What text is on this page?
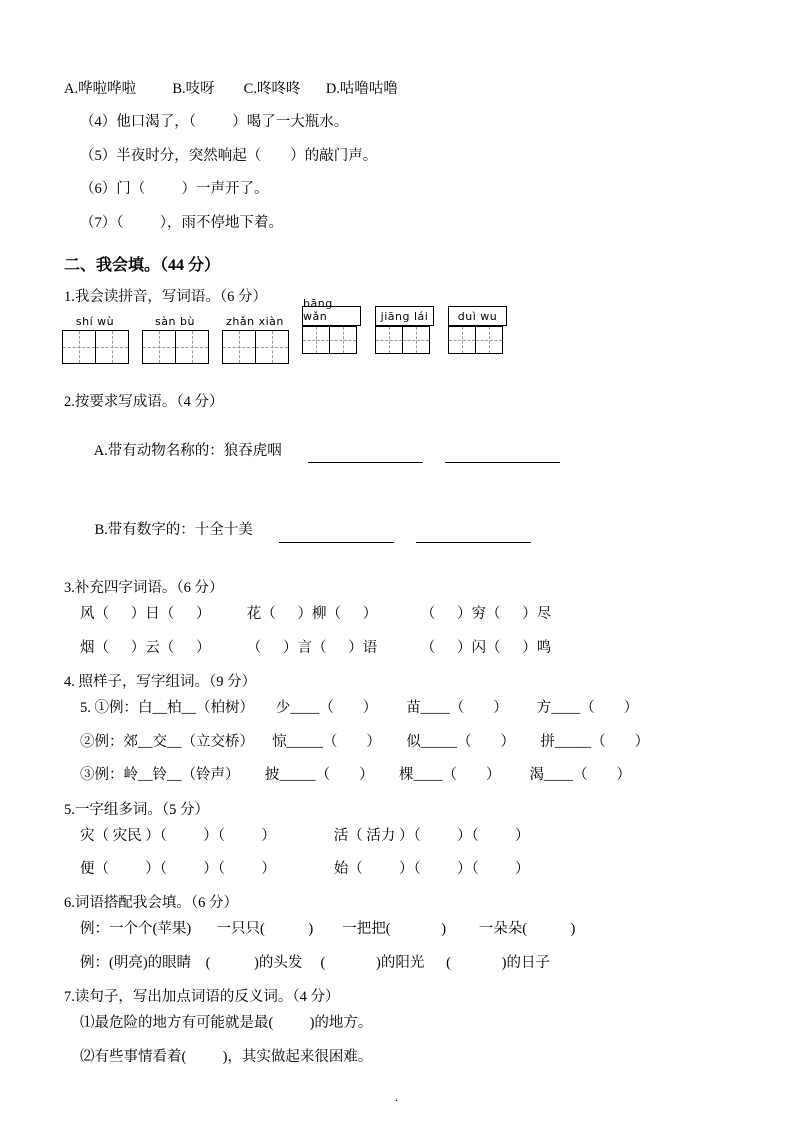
A.哗啦哗啦          B.吱呀        C.咚咚咚       D.咕噜咕噜
（4）他口渴了，（          ）喝了一大瓶水。
（5）半夜时分，突然响起（        ）的敲门声。
（6）门（          ）一声开了。
（7）（          ），雨不停地下着。
二、我会填。（44 分）
1.我会读拼音，写词语。（6 分）
shí wù	sàn bù	zhǎn xiàn
bāng wǎn	jiāng lái	duì wu
2.按要求写成语。（4 分）

A.带有动物名称的：狼吞虎咽

B.带有数字的：十全十美

3.补充四字词语。（6 分）
风（      ）日（      ）          花（      ）柳（      ）            （      ）穷（      ）尽
烟（      ）云（      ）          （      ）言（      ）语            （      ）闪（      ）鸣
4. 照样子，写字组词。（9 分）
5. ①例：白__柏__（柏树）      少____（        ）        苗____（        ）        方____（        ）
②例：郊__交__（立交桥）     惊_____（        ）       似_____（        ）       拼_____（        ）
③例：岭__铃__（铃声）       披_____（        ）       棵____（        ）        渴____（        ）
5.一字组多词。（5 分）
灾（ 灾民 ）（          ）（          ）                活（ 活力 ）（          ）（          ）
便（          ）（          ）（          ）                始（          ）（          ）（          ）
6.词语搭配我会填。（6 分）
例：一个个(苹果)       一只只(            )        一把把(              )         一朵朵(            )
例：(明亮)的眼睛    (            )的头发     (              )的阳光      (              )的日子
7.读句子，写出加点词语的反义词。（4 分）
⑴最危险的地方有可能就是最(          )的地方。
⑵有些事情看着(          )，其实做起来很困难。
.
